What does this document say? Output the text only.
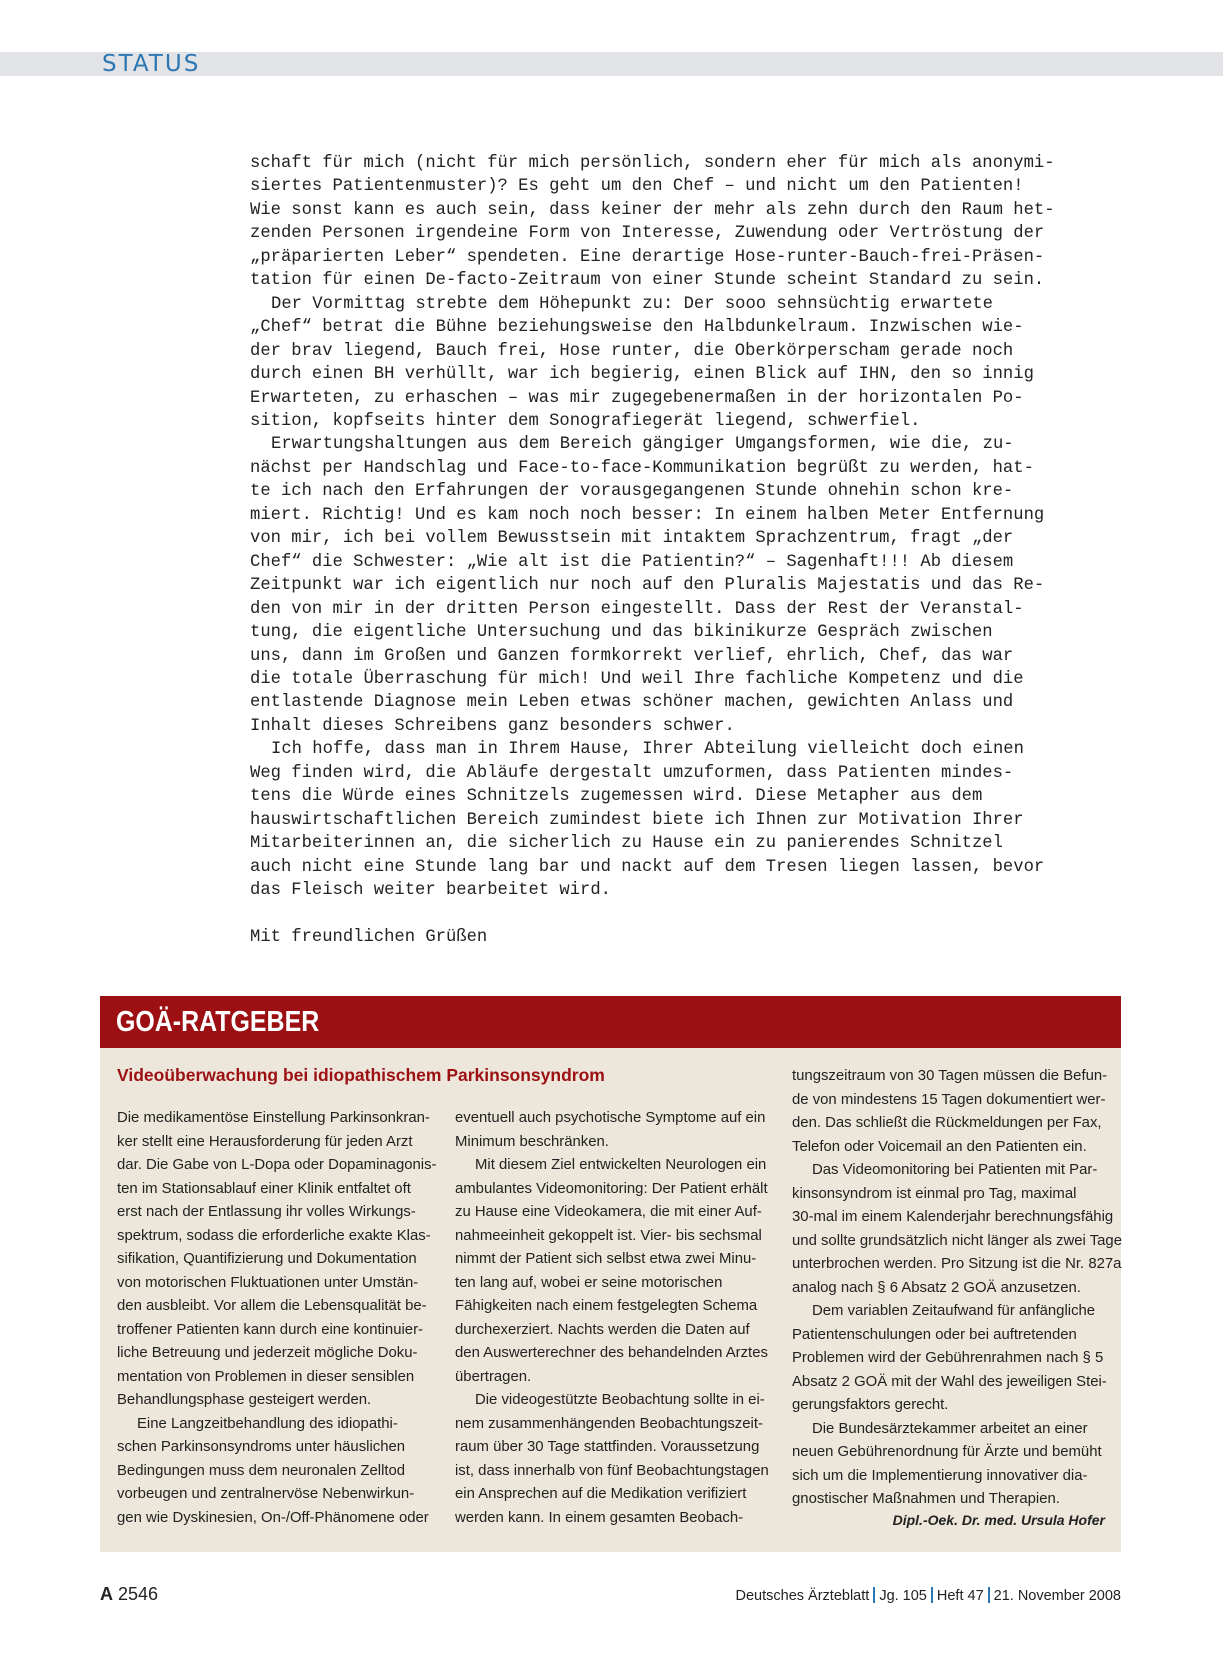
STATUS

schaft für mich (nicht für mich persönlich, sondern eher für mich als anonymi-

siertes Patientenmuster)? Es geht um den Chef – und nicht um den Patienten!

Wie sonst kann es auch sein, dass keiner der mehr als zehn durch den Raum het-

zenden Personen irgendeine Form von Interesse, Zuwendung oder Vertröstung der

„präparierten Leber“ spendeten. Eine derartige Hose-runter-Bauch-frei-Präsen-

tation für einen De-facto-Zeitraum von einer Stunde scheint Standard zu sein.

Der Vormittag strebte dem Höhepunkt zu: Der sooo sehnsüchtig erwartete

„Chef“ betrat die Bühne beziehungsweise den Halbdunkelraum. Inzwischen wie-

der brav liegend, Bauch frei, Hose runter, die Oberkörperscham gerade noch

durch einen BH verhüllt, war ich begierig, einen Blick auf IHN, den so innig

Erwarteten, zu erhaschen – was mir zugegebenermaßen in der horizontalen Po-

sition, kopfseits hinter dem Sonografiegerät liegend, schwerfiel.

Erwartungshaltungen aus dem Bereich gängiger Umgangsformen, wie die, zu-

nächst per Handschlag und Face-to-face-Kommunikation begrüßt zu werden, hat-

te ich nach den Erfahrungen der vorausgegangenen Stunde ohnehin schon kre-

miert. Richtig! Und es kam noch noch besser: In einem halben Meter Entfernung

von mir, ich bei vollem Bewusstsein mit intaktem Sprachzentrum, fragt „der

Chef“ die Schwester: „Wie alt ist die Patientin?“ – Sagenhaft!!! Ab diesem

Zeitpunkt war ich eigentlich nur noch auf den Pluralis Majestatis und das Re-

den von mir in der dritten Person eingestellt. Dass der Rest der Veranstal-

tung, die eigentliche Untersuchung und das bikinikurze Gespräch zwischen

uns, dann im Großen und Ganzen formkorrekt verlief, ehrlich, Chef, das war

die totale Überraschung für mich! Und weil Ihre fachliche Kompetenz und die

entlastende Diagnose mein Leben etwas schöner machen, gewichten Anlass und

Inhalt dieses Schreibens ganz besonders schwer.

Ich hoffe, dass man in Ihrem Hause, Ihrer Abteilung vielleicht doch einen

Weg finden wird, die Abläufe dergestalt umzuformen, dass Patienten mindes-

tens die Würde eines Schnitzels zugemessen wird. Diese Metapher aus dem

hauswirtschaftlichen Bereich zumindest biete ich Ihnen zur Motivation Ihrer

Mitarbeiterinnen an, die sicherlich zu Hause ein zu panierendes Schnitzel

auch nicht eine Stunde lang bar und nackt auf dem Tresen liegen lassen, bevor

das Fleisch weiter bearbeitet wird.

Mit freundlichen Grüßen

GOÄ-RATGEBER
Videoüberwachung bei idiopathischem Parkinsonsyndrom

Die medikamentöse Einstellung Parkinsonkran-

ker stellt eine Herausforderung für jeden Arzt

dar. Die Gabe von L-Dopa oder Dopaminagonis-

ten im Stationsablauf einer Klinik entfaltet oft

erst nach der Entlassung ihr volles Wirkungs-

spektrum, sodass die erforderliche exakte Klas-

sifikation, Quantifizierung und Dokumentation

von motorischen Fluktuationen unter Umstän-

den ausbleibt. Vor allem die Lebensqualität be-

troffener Patienten kann durch eine kontinuier-

liche Betreuung und jederzeit mögliche Doku-

mentation von Problemen in dieser sensiblen

Behandlungsphase gesteigert werden.

Eine Langzeitbehandlung des idiopathi-

schen Parkinsonsyndroms unter häuslichen

Bedingungen muss dem neuronalen Zelltod

vorbeugen und zentralnervöse Nebenwirkun-

gen wie Dyskinesien, On-/Off-Phänomene oder

eventuell auch psychotische Symptome auf ein

Minimum beschränken.

Mit diesem Ziel entwickelten Neurologen ein

ambulantes Videomonitoring: Der Patient erhält

zu Hause eine Videokamera, die mit einer Auf-

nahmeeinheit gekoppelt ist. Vier- bis sechsmal

nimmt der Patient sich selbst etwa zwei Minu-

ten lang auf, wobei er seine motorischen

Fähigkeiten nach einem festgelegten Schema

durchexerziert. Nachts werden die Daten auf

den Auswerterechner des behandelnden Arztes

übertragen.

Die videogestützte Beobachtung sollte in ei-

nem zusammenhängenden Beobachtungszeit-

raum über 30 Tage stattfinden. Voraussetzung

ist, dass innerhalb von fünf Beobachtungstagen

ein Ansprechen auf die Medikation verifiziert

werden kann. In einem gesamten Beobach-

tungszeitraum von 30 Tagen müssen die Befun-

de von mindestens 15 Tagen dokumentiert wer-

den. Das schließt die Rückmeldungen per Fax,

Telefon oder Voicemail an den Patienten ein.

Das Videomonitoring bei Patienten mit Par-

kinsonsyndrom ist einmal pro Tag, maximal

30-mal im einem Kalenderjahr berechnungsfähig

und sollte grundsätzlich nicht länger als zwei Tage

unterbrochen werden. Pro Sitzung ist die Nr. 827a

analog nach § 6 Absatz 2 GOÄ anzusetzen.

Dem variablen Zeitaufwand für anfängliche

Patientenschulungen oder bei auftretenden

Problemen wird der Gebührenrahmen nach § 5

Absatz 2 GOÄ mit der Wahl des jeweiligen Stei-

gerungsfaktors gerecht.

Die Bundesärztekammer arbeitet an einer

neuen Gebührenordnung für Ärzte und bemüht

sich um die Implementierung innovativer dia-

gnostischer Maßnahmen und Therapien.

Dipl.-Oek. Dr. med. Ursula Hofer
A 2546	Deutsches Ärzteblatt Jg. 105 Heft 47 21. November 2008
